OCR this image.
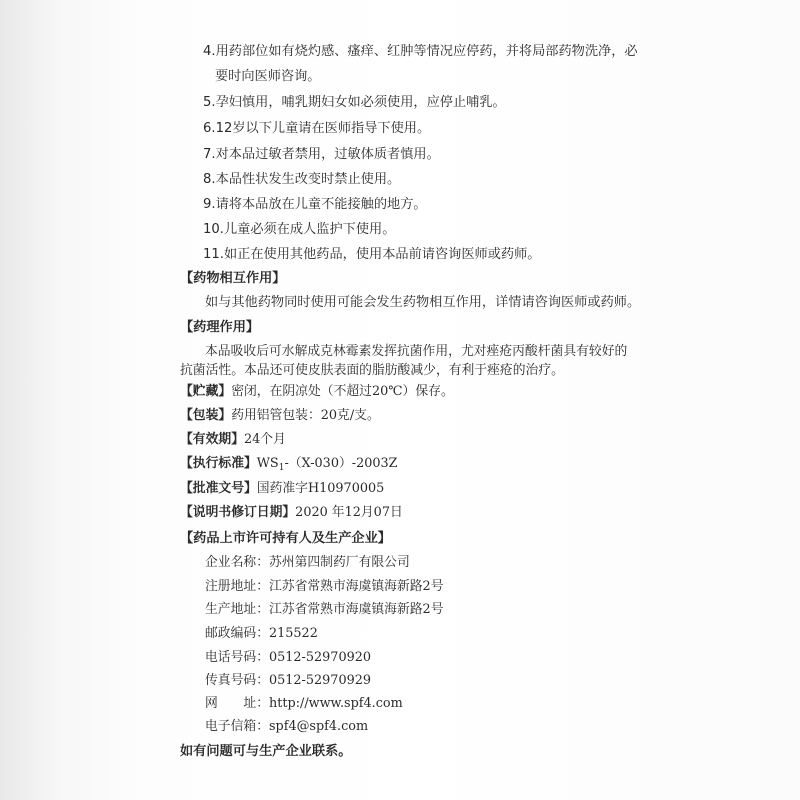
4.用药部位如有烧灼感、瘙痒、红肿等情况应停药，并将局部药物洗净，必
要时向医师咨询。
5.孕妇慎用，哺乳期妇女如必须使用，应停止哺乳。
6.12岁以下儿童请在医师指导下使用。
7.对本品过敏者禁用，过敏体质者慎用。
8.本品性状发生改变时禁止使用。
9.请将本品放在儿童不能接触的地方。
10.儿童必须在成人监护下使用。
11.如正在使用其他药品，使用本品前请咨询医师或药师。
【药物相互作用】
如与其他药物同时使用可能会发生药物相互作用，详情请咨询医师或药师。
【药理作用】
本品吸收后可水解成克林霉素发挥抗菌作用，尤对痤疮丙酸杆菌具有较好的
抗菌活性。本品还可使皮肤表面的脂肪酸减少，有利于痤疮的治疗。
【贮藏】密闭，在阴凉处（不超过20℃）保存。
【包装】药用铝管包装：20克/支。
【有效期】24个月
【执行标准】$WS_1-(X-030)-2003Z$
【批准文号】国药准字H10970005
【说明书修订日期】2020 年12月07日
【药品上市许可持有人及生产企业】
企业名称：苏州第四制药厂有限公司
注册地址：江苏省常熟市海虞镇海新路2号
生产地址：江苏省常熟市海虞镇海新路2号
邮政编码：215522
电话号码：0512-52970920
传真号码：0512-52970929
网　　址：http://www.spf4.com
电子信箱：spf4@spf4.com
如有问题可与生产企业联系。
